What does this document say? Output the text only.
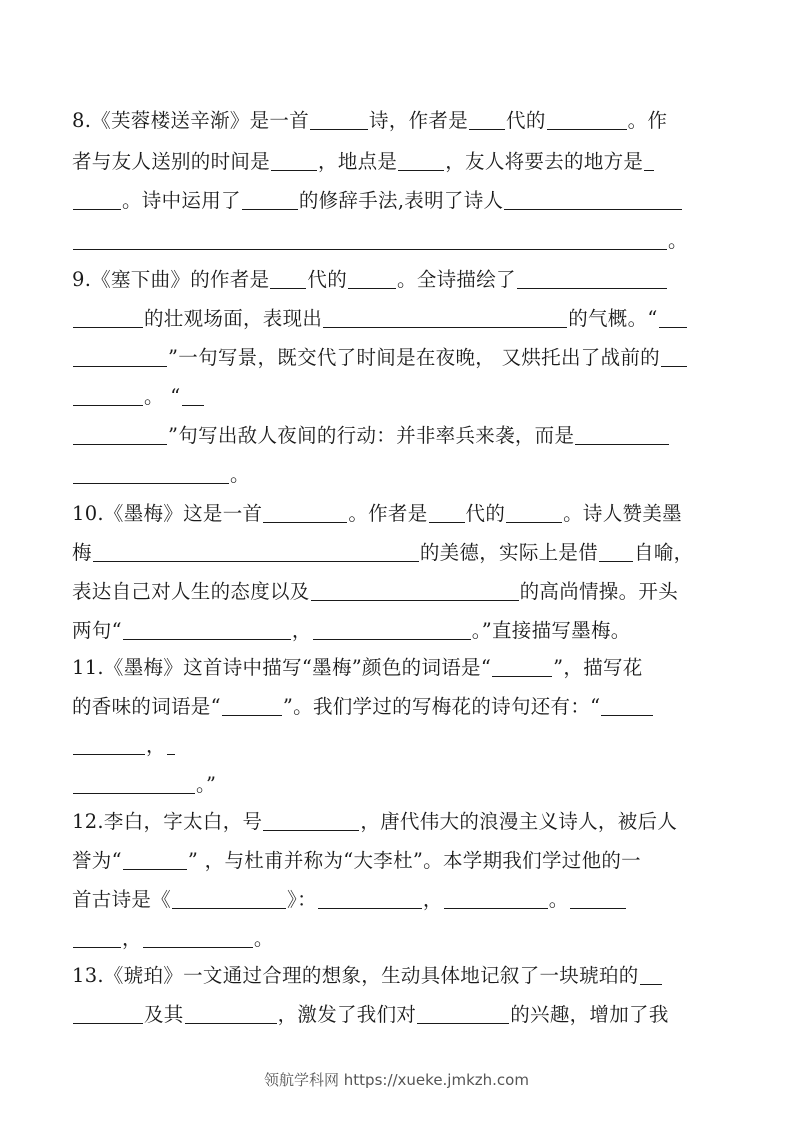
8.《芙蓉楼送辛渐》是一首	诗，作者是 代的	。作
者与友人送别的时间是 ，地点是 ，友人将要去的地方是
。诗中运用了	的修辞手法,表明了诗人
。
9.《塞下曲》的作者是 代的	。全诗描绘了
的壮观场面，表现出	的气概。“
”一句写景，既交代了时间是在夜晚， 又烘托出了战前的
。 “
”句写出敌人夜间的行动：并非率兵来袭，而是
。
10.《墨梅》这是一首	。作者是 代的	。诗人赞美墨
梅	的美德，实际上是借 自喻，
表达自己对人生的态度以及	的高尚情操。开头
两句“	，	。”直接描写墨梅。
11.《墨梅》这首诗中描写“墨梅”颜色的词语是“	”，描写花
的香味的词语是“	”。我们学过的写梅花的诗句还有：“
，
。”
12.李白，字太白，号	，唐代伟大的浪漫主义诗人，被后人
誉为“	” ，与杜甫并称为“大李杜”。本学期我们学过他的一
首古诗是《	》：	，	。
，	。
13.《琥珀》一文通过合理的想象，生动具体地记叙了一块琥珀的
及其	，激发了我们对	的兴趣，增加了我
领航学科网 https://xueke.jmkzh.com
